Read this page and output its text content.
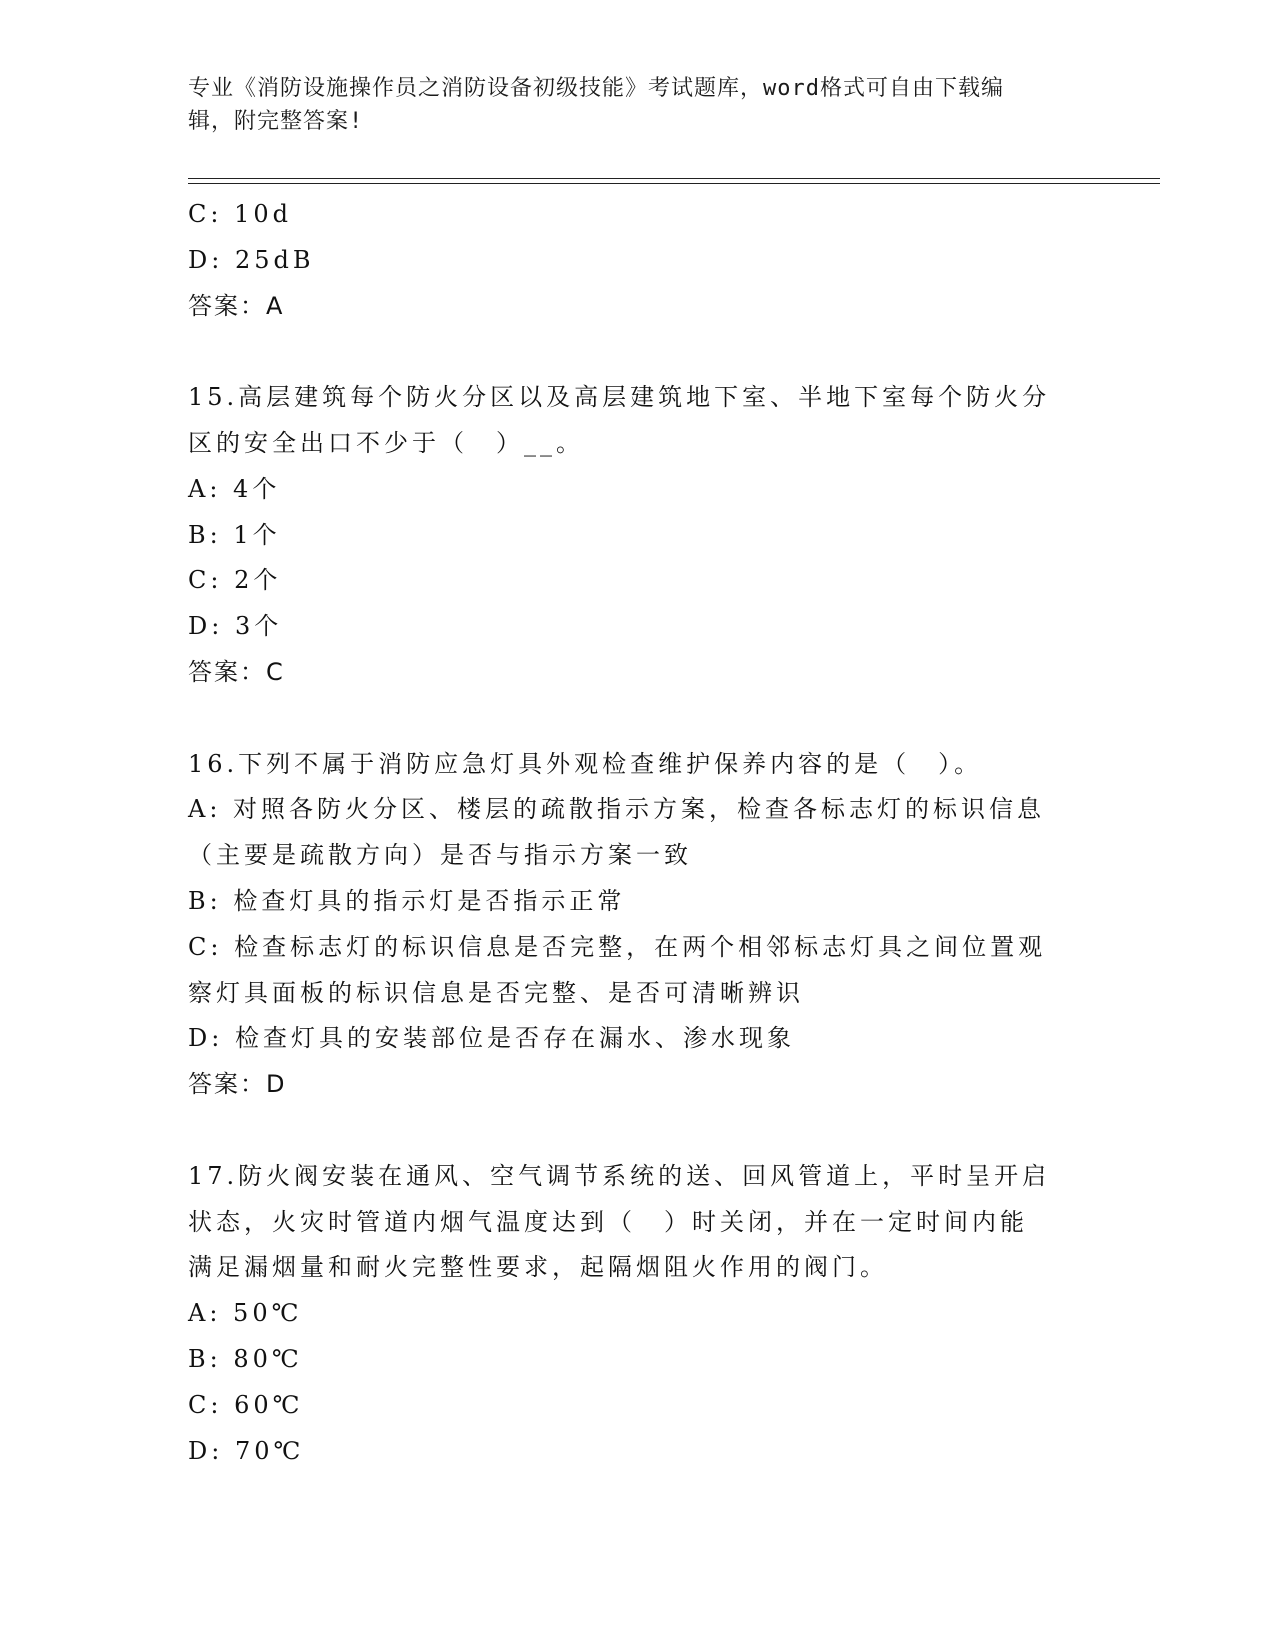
专业《消防设施操作员之消防设备初级技能》考试题库，word格式可自由下载编
辑，附完整答案!
C: 10d
D: 25dB
答案：A
15.高层建筑每个防火分区以及高层建筑地下室、半地下室每个防火分
区的安全出口不少于（　）__。
A: 4个
B: 1个
C: 2个
D: 3个
答案：C
16.下列不属于消防应急灯具外观检查维护保养内容的是（　）。
A: 对照各防火分区、楼层的疏散指示方案，检查各标志灯的标识信息
（主要是疏散方向）是否与指示方案一致
B: 检查灯具的指示灯是否指示正常
C: 检查标志灯的标识信息是否完整，在两个相邻标志灯具之间位置观
察灯具面板的标识信息是否完整、是否可清晰辨识
D: 检查灯具的安装部位是否存在漏水、渗水现象
答案：D
17.防火阀安装在通风、空气调节系统的送、回风管道上，平时呈开启
状态，火灾时管道内烟气温度达到（　）时关闭，并在一定时间内能
满足漏烟量和耐火完整性要求，起隔烟阻火作用的阀门。
A: 50℃
B: 80℃
C: 60℃
D: 70℃
